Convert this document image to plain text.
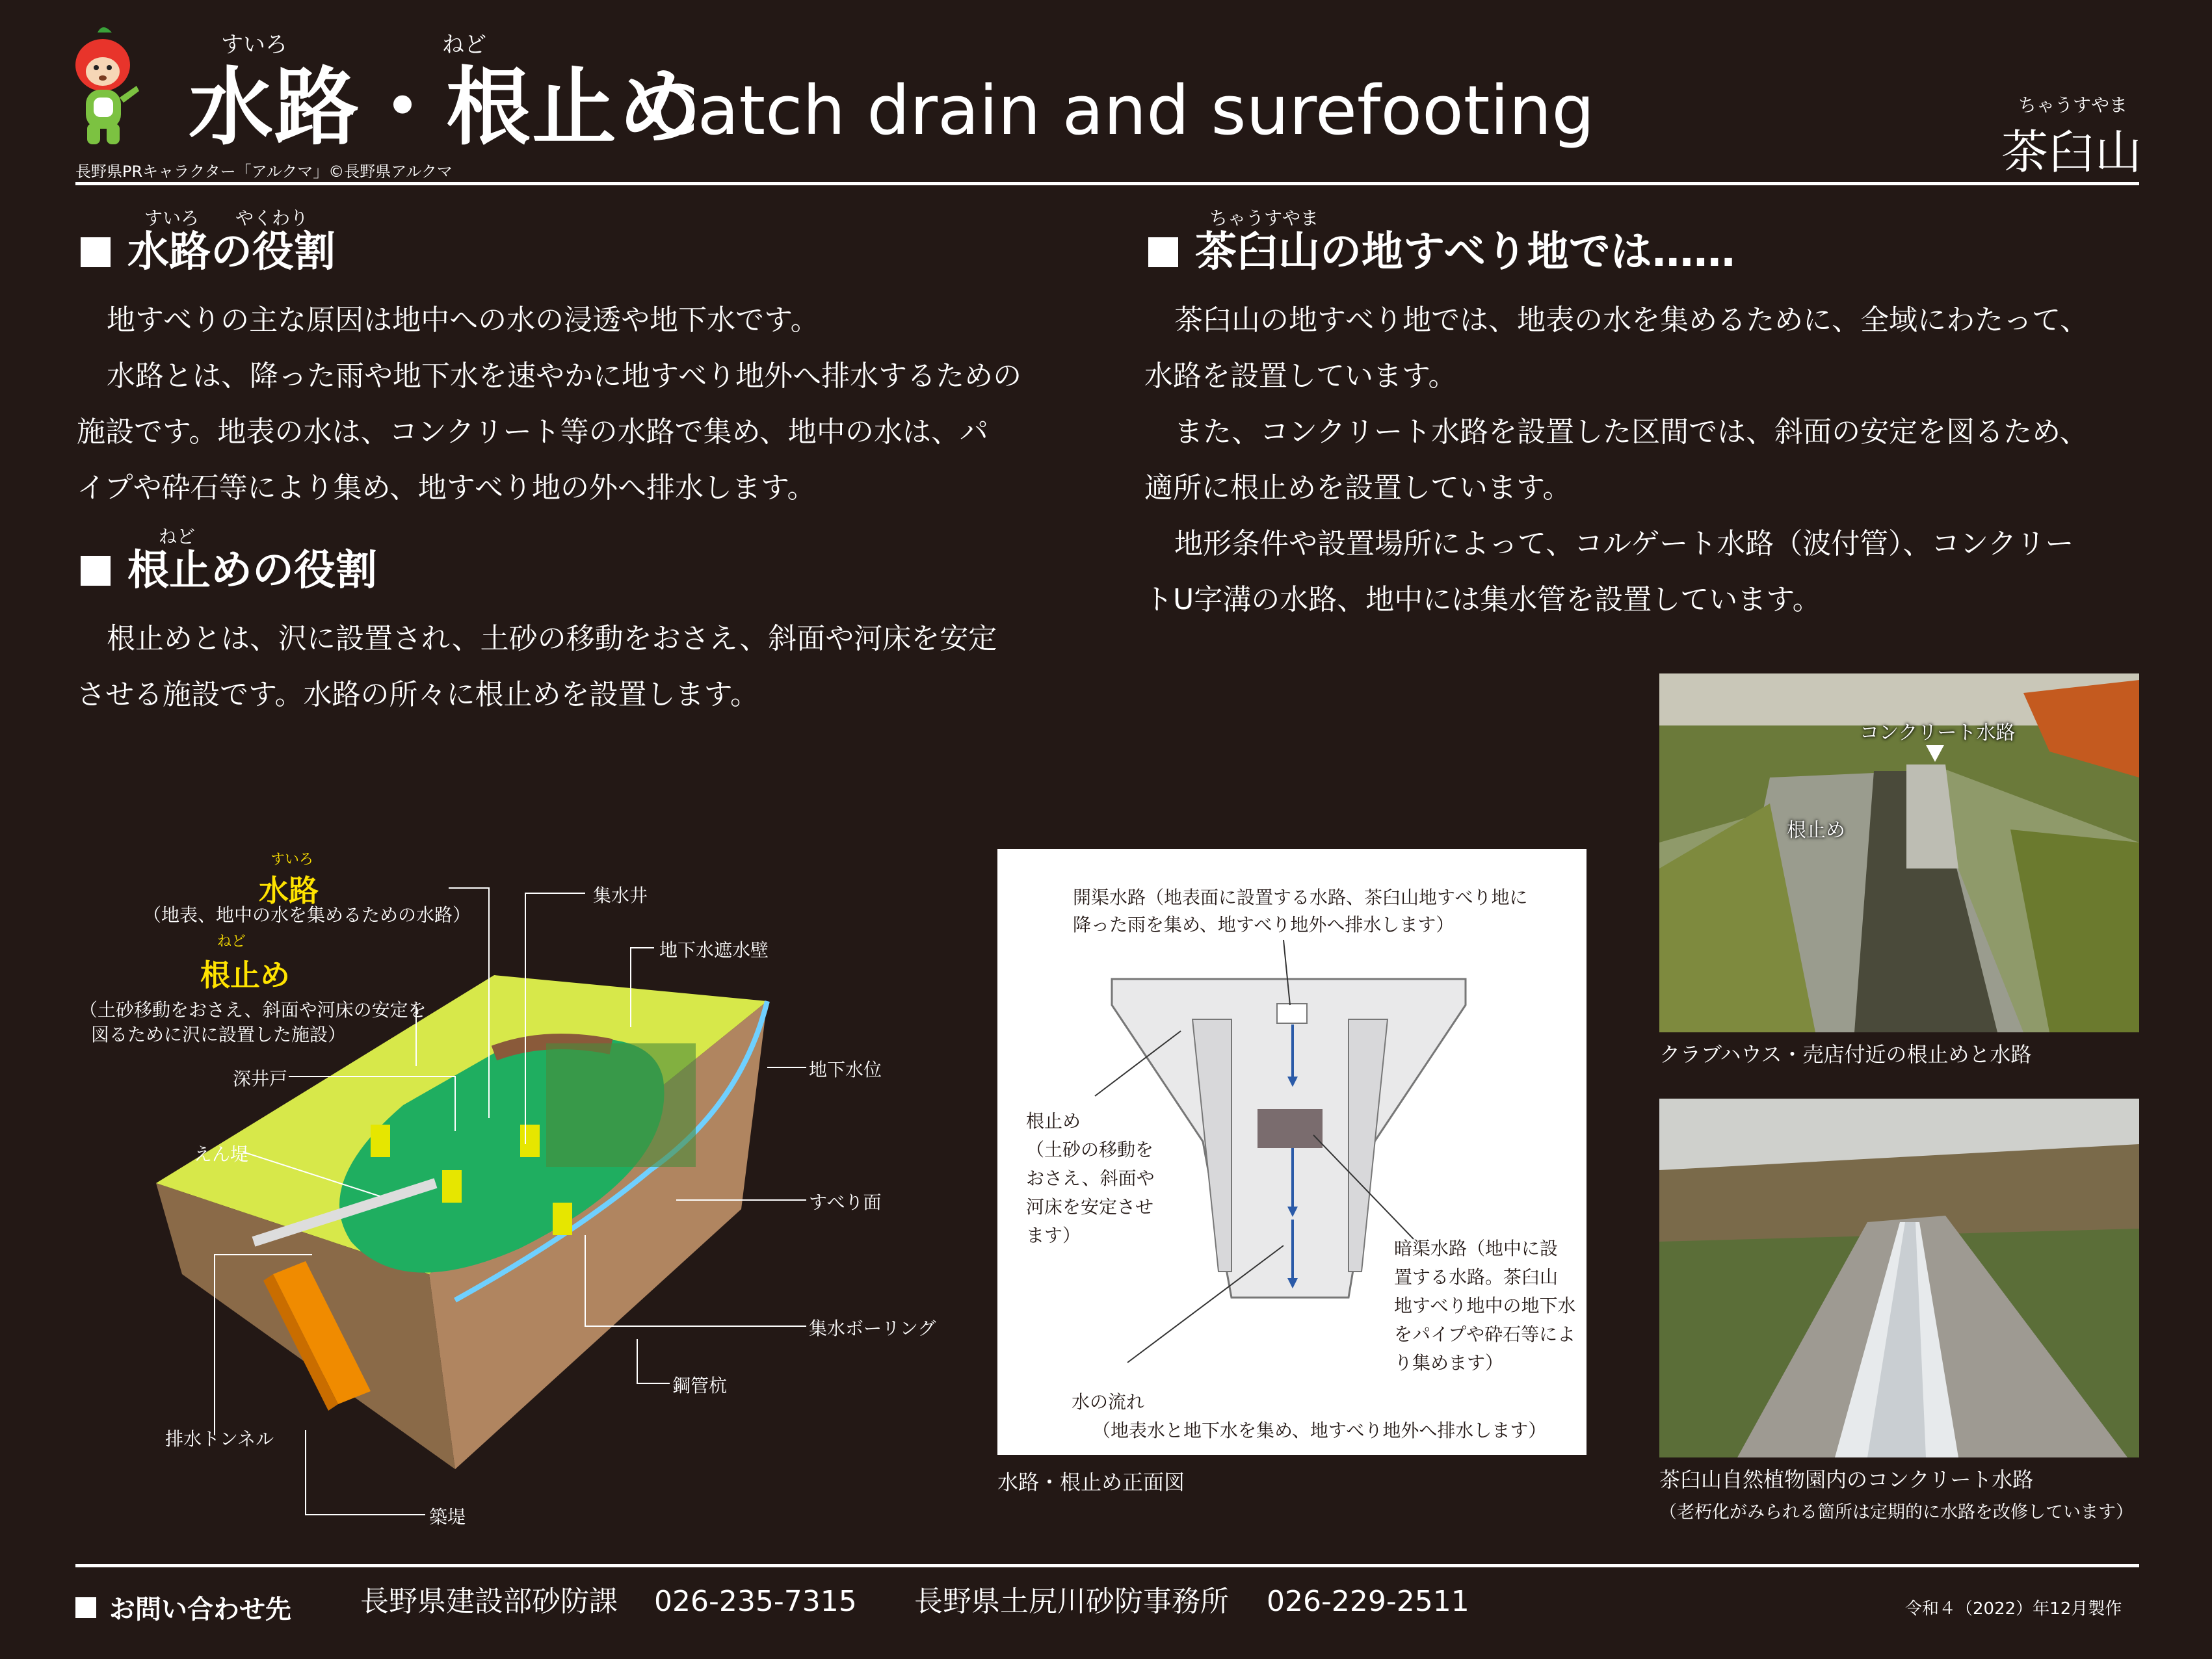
すいろ	ねど
水路・根止め
Catch drain and surefooting
長野県PRキャラクター「アルクマ」©長野県アルクマ
ちゃうすやま
茶臼山
すいろ　　やくわり
水路の役割

地すべりの主な原因は地中への水の浸透や地下水です。

水路とは、降った雨や地下水を速やかに地すべり地外へ排水するための

施設です。地表の水は、コンクリート等の水路で集め、地中の水は、パ

イプや砕石等により集め、地すべり地の外へ排水します。

ねど
根止めの役割

根止めとは、沢に設置され、土砂の移動をおさえ、斜面や河床を安定

させる施設です。水路の所々に根止めを設置します。

ちゃうすやま
茶臼山の地すべり地では……

茶臼山の地すべり地では、地表の水を集めるために、全域にわたって、

水路を設置しています。

また、コンクリート水路を設置した区間では、斜面の安定を図るため、

適所に根止めを設置しています。

地形条件や設置場所によって、コルゲート水路（波付管）、コンクリー

トU字溝の水路、地中には集水管を設置しています。

すいろ
水路
（地表、地中の水を集めるための水路）
ねど
根止め
（土砂移動をおさえ、斜面や河床の安定を
図るために沢に設置した施設）
深井戸
えん堤
集水井
地下水遮水壁
地下水位
すべり面
集水ボーリング
鋼管杭
排水トンネル
築堤
開渠水路（地表面に設置する水路、茶臼山地すべり地に
降った雨を集め、地すべり地外へ排水します）
根止め
（土砂の移動を
おさえ、斜面や
河床を安定させ
ます）
暗渠水路（地中に設
置する水路。茶臼山
地すべり地中の地下水
をパイプや砕石等によ
り集めます）
水の流れ
（地表水と地下水を集め、地すべり地外へ排水します）
水路・根止め正面図
コンクリート水路
根止め
クラブハウス・売店付近の根止めと水路
茶臼山自然植物園内のコンクリート水路
（老朽化がみられる箇所は定期的に水路を改修しています）
お問い合わせ先 長野県建設部砂防課 026-235-7315 長野県土尻川砂防事務所 026-229-2511	令和４（2022）年12月製作
